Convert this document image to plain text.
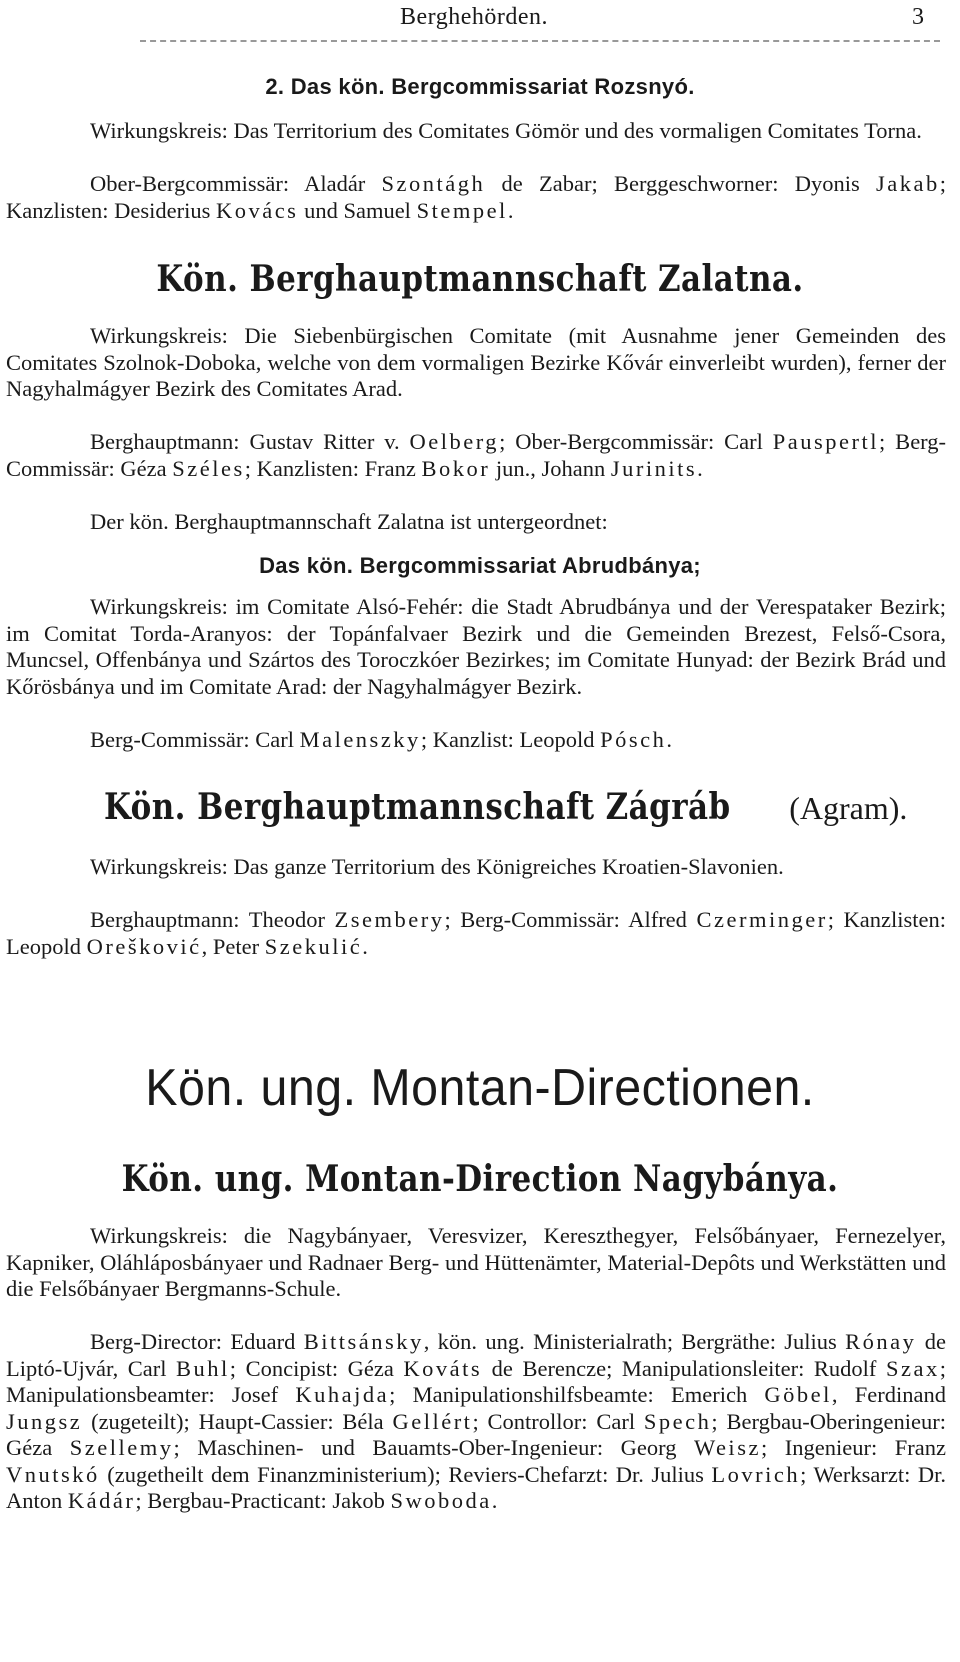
Berghehörden.	3
2. Das kön. Bergcommissariat Rozsnyó.

Wirkungskreis: Das Territorium des Comitates Gömör und des vormaligen Comitates Torna.

Ober-Bergcommissär: Aladár Szontágh de Zabar; Berggeschworner: Dyonis Jakab; Kanzlisten: Desiderius Kovács und Samuel Stempel.

Kön. Berghauptmannschaft Zalatna.

Wirkungskreis: Die Siebenbürgischen Comitate (mit Ausnahme jener Gemeinden des Comitates Szolnok-Doboka, welche von dem vormaligen Bezirke Kővár einverleibt wurden), ferner der Nagyhalmágyer Bezirk des Comitates Arad.

Berghauptmann: Gustav Ritter v. Oelberg; Ober-Bergcommissär: Carl Pauspertl; Berg-Commissär: Géza Széles; Kanzlisten: Franz Bokor jun., Johann Jurinits.

Der kön. Berghauptmannschaft Zalatna ist untergeordnet:

Das kön. Bergcommissariat Abrudbánya;

Wirkungskreis: im Comitate Alsó-Fehér: die Stadt Abrudbánya und der Verespataker Bezirk; im Comitat Torda-Aranyos: der Topánfalvaer Bezirk und die Gemeinden Brezest, Felső-Csora, Muncsel, Offenbánya und Szártos des Toroczkóer Bezirkes; im Comitate Hunyad: der Bezirk Brád und Kőrösbánya und im Comitate Arad: der Nagyhalmágyer Bezirk.

Berg-Commissär: Carl Malenszky; Kanzlist: Leopold Pósch.

Kön. Berghauptmannschaft Zágráb (Agram).

Wirkungskreis: Das ganze Territorium des Königreiches Kroatien-Slavonien.

Berghauptmann: Theodor Zsembery; Berg-Commissär: Alfred Czerminger; Kanzlisten: Leopold Orešković, Peter Szekulić.

Kön. ung. Montan-Directionen.
Kön. ung. Montan-Direction Nagybánya.

Wirkungskreis: die Nagybányaer, Veresvizer, Kereszthegyer, Felsőbányaer, Fernezelyer, Kapniker, Oláhláposbányaer und Radnaer Berg- und Hüttenämter, Material-Depôts und Werkstätten und die Felsőbányaer Bergmanns-Schule.

Berg-Director: Eduard Bittsánsky, kön. ung. Ministerialrath; Bergräthe: Julius Rónay de Liptó-Ujvár, Carl Buhl; Concipist: Géza Kováts de Berencze; Manipulationsleiter: Rudolf Szax; Manipulationsbeamter: Josef Kuhajda; Manipulationshilfsbeamte: Emerich Göbel, Ferdinand Jungsz (zugeteilt); Haupt-Cassier: Béla Gellért; Controllor: Carl Spech; Bergbau-Oberingenieur: Géza Szellemy; Maschinen- und Bauamts-Ober-Ingenieur: Georg Weisz; Ingenieur: Franz Vnutskó (zugetheilt dem Finanzministerium); Reviers-Chefarzt: Dr. Julius Lovrich; Werksarzt: Dr. Anton Kádár; Bergbau-Practicant: Jakob Swoboda.
